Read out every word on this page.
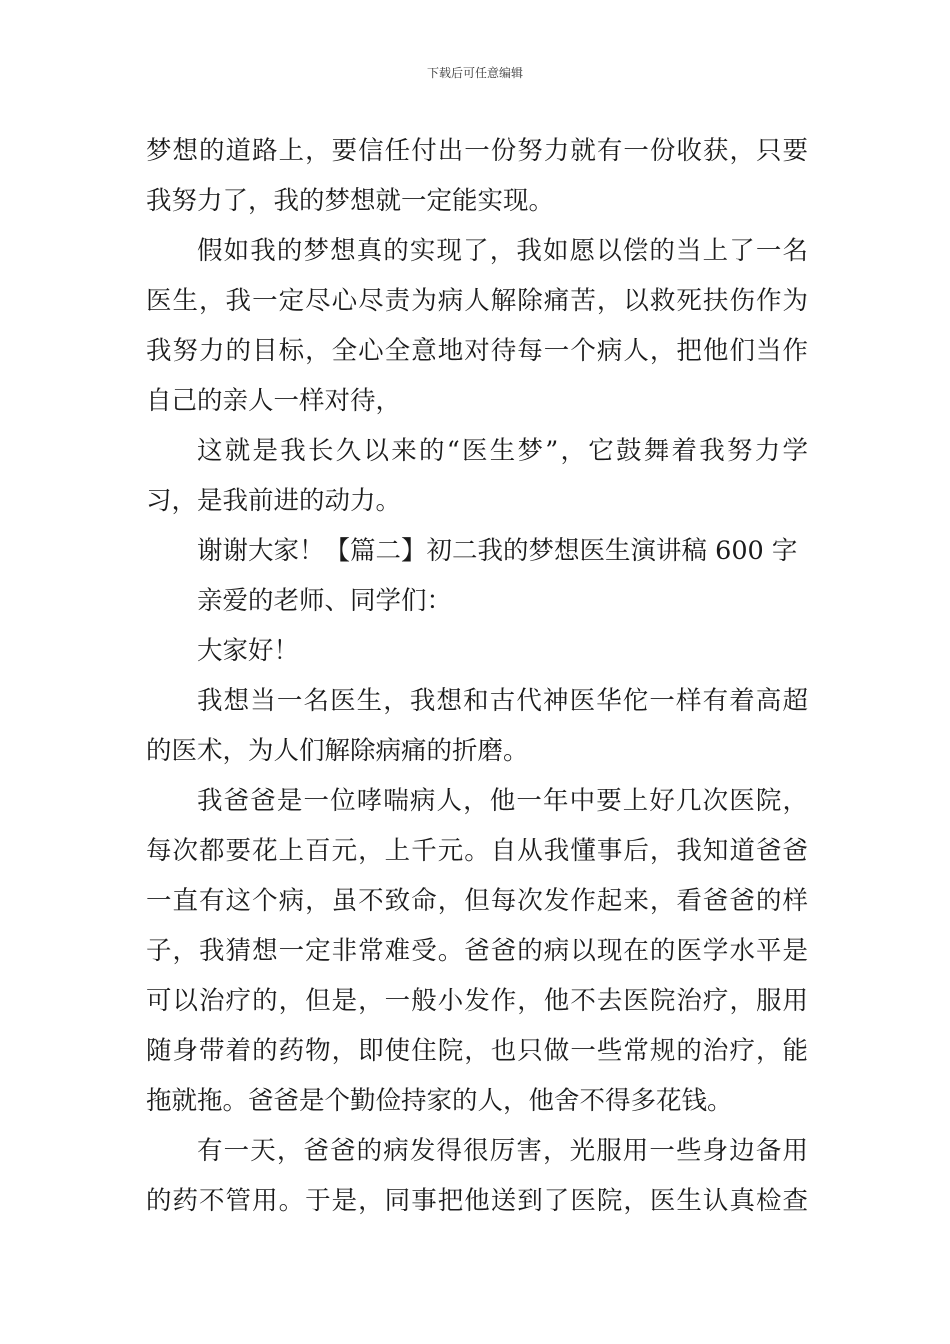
下载后可任意编辑
梦想的道路上，要信任付出一份努力就有一份收获，只要
我努力了，我的梦想就一定能实现。
假如我的梦想真的实现了，我如愿以偿的当上了一名
医生，我一定尽心尽责为病人解除痛苦，以救死扶伤作为
我努力的目标，全心全意地对待每一个病人，把他们当作
自己的亲人一样对待，
这就是我长久以来的“医生梦”，它鼓舞着我努力学
习，是我前进的动力。
谢谢大家！【篇二】初二我的梦想医生演讲稿 600 字
亲爱的老师、同学们：
大家好！
我想当一名医生，我想和古代神医华佗一样有着高超
的医术，为人们解除病痛的折磨。
我爸爸是一位哮喘病人，他一年中要上好几次医院，
每次都要花上百元，上千元。自从我懂事后，我知道爸爸
一直有这个病，虽不致命，但每次发作起来，看爸爸的样
子，我猜想一定非常难受。爸爸的病以现在的医学水平是
可以治疗的，但是，一般小发作，他不去医院治疗，服用
随身带着的药物，即使住院，也只做一些常规的治疗，能
拖就拖。爸爸是个勤俭持家的人，他舍不得多花钱。
有一天，爸爸的病发得很厉害，光服用一些身边备用
的药不管用。于是，同事把他送到了医院，医生认真检查
